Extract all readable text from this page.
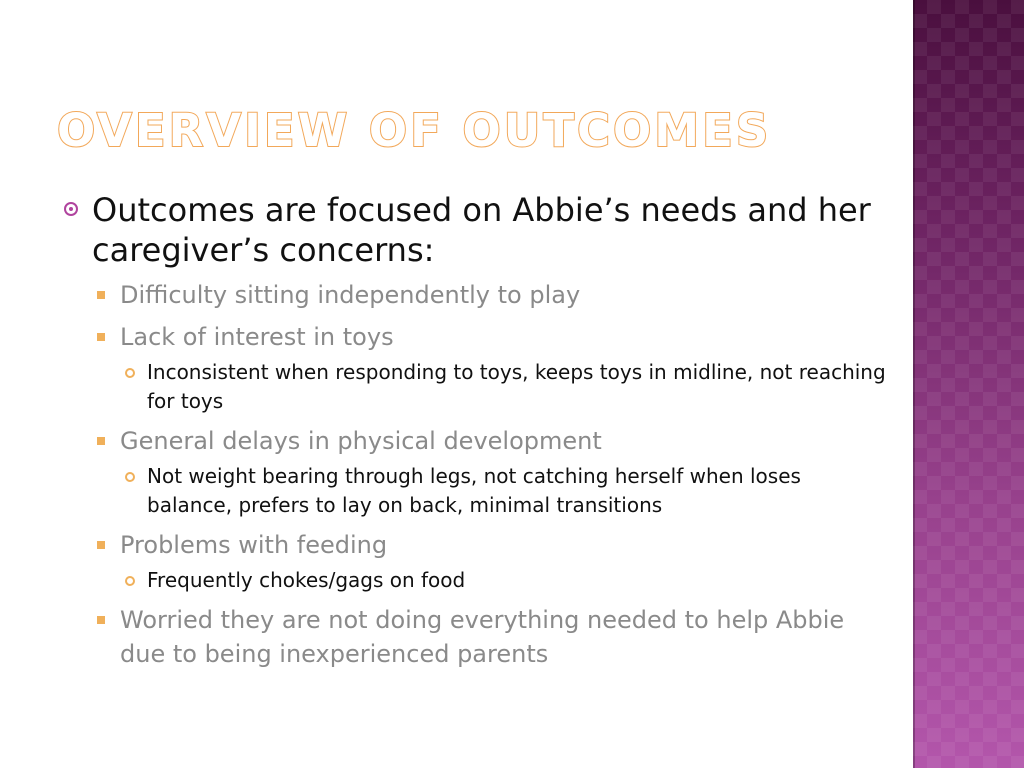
OVERVIEW OF OUTCOMES
Outcomes are focused on Abbie’s needs and her caregiver’s concerns:
Difficulty sitting independently to play
Lack of interest in toys
Inconsistent when responding to toys, keeps toys in midline, not reaching for toys
General delays in physical development
Not weight bearing through legs, not catching herself when loses balance, prefers to lay on back, minimal transitions
Problems with feeding
Frequently chokes/gags on food
Worried they are not doing everything needed to help Abbie due to being inexperienced parents
